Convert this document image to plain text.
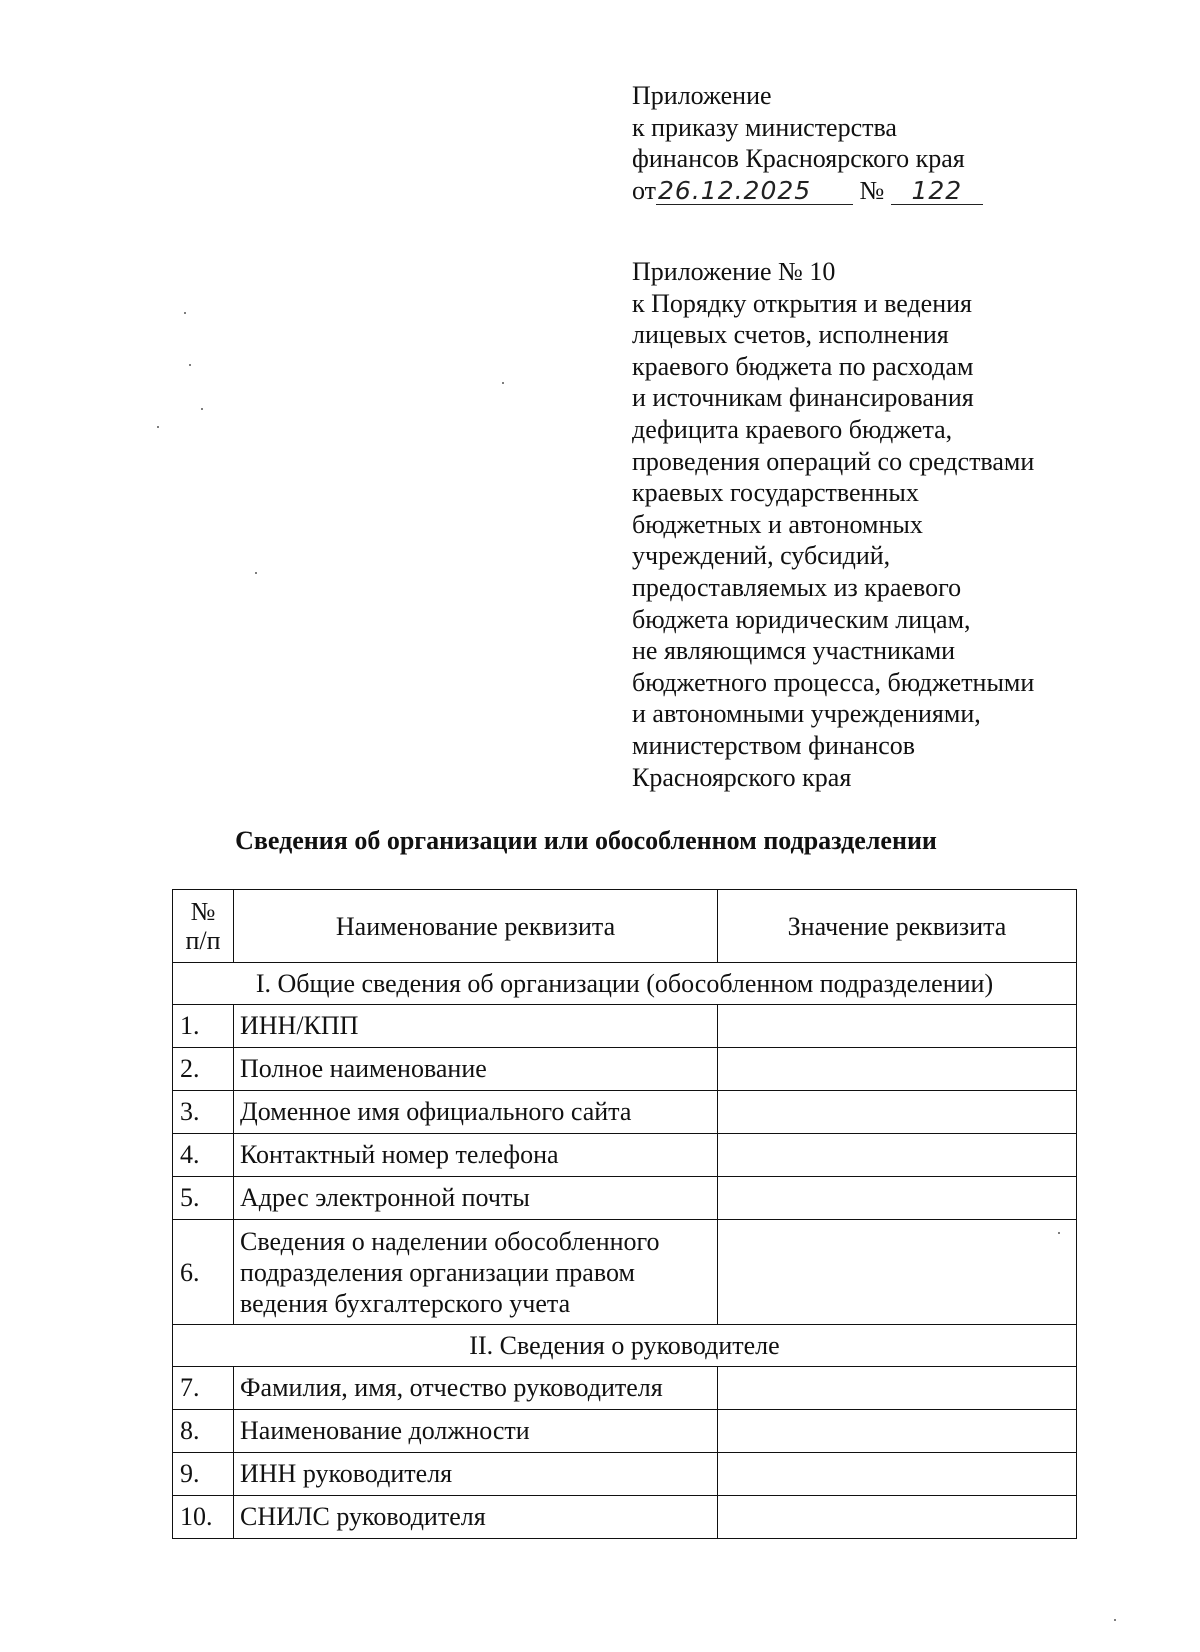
Приложение
к приказу министерства
финансов Красноярского края
от26.12.2025 № 122
Приложение № 10
к Порядку открытия и ведения
лицевых счетов, исполнения
краевого бюджета по расходам
и источникам финансирования
дефицита краевого бюджета,
проведения операций со средствами
краевых государственных
бюджетных и автономных
учреждений, субсидий,
предоставляемых из краевого
бюджета юридическим лицам,
не являющимся участниками
бюджетного процесса, бюджетными
и автономными учреждениями,
министерством финансов
Красноярского края
Сведения об организации или обособленном подразделении
№
п/п	Наименование реквизита	Значение реквизита
I. Общие сведения об организации (обособленном подразделении)		
1.	ИНН/КПП	
2.	Полное наименование	
3.	Доменное имя официального сайта	
4.	Контактный номер телефона	
5.	Адрес электронной почты	
6.	Сведения о наделении обособленного
подразделения организации правом
ведения бухгалтерского учета	

II. Сведения о руководителе		
7.	Фамилия, имя, отчество руководителя	
8.	Наименование должности	
9.	ИНН руководителя	
10.	СНИЛС руководителя	
